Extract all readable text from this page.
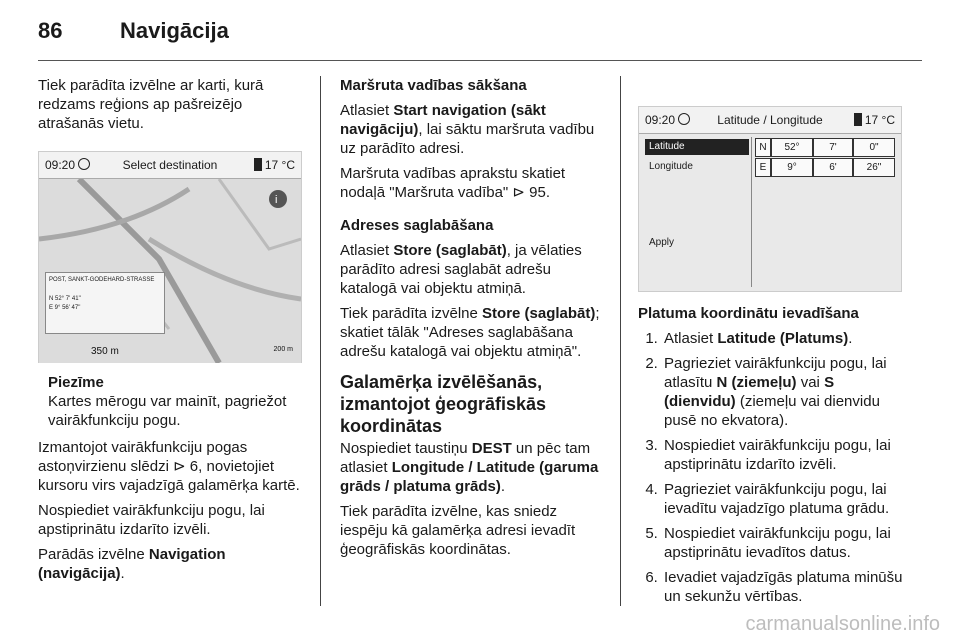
86	Navigācija

Tiek parādīta izvēlne ar karti, kurā redzams reģions ap pašreizējo atrašanās vietu.

09:20	Select destination	17 °C
i
POST, SANKT-GODEHARD-STRASSE
N 52° 7' 41"
E 9° 56' 47"
350 m	200 m
Piezīme
Kartes mērogu var mainīt, pagriežot vairākfunkciju pogu.

Izmantojot vairākfunkciju pogas astoņvirzienu slēdzi ⊳ 6, novietojiet kursoru virs vajadzīgā galamērķa kartē.

Nospiediet vairākfunkciju pogu, lai apstiprinātu izdarīto izvēli.

Parādās izvēlne Navigation (navigācija).

Maršruta vadības sākšana

Atlasiet Start navigation (sākt navigāciju), lai sāktu maršruta vadību uz parādīto adresi.

Maršruta vadības aprakstu skatiet nodaļā "Maršruta vadība" ⊳ 95.

Adreses saglabāšana

Atlasiet Store (saglabāt), ja vēlaties parādīto adresi saglabāt adrešu katalogā vai objektu atmiņā.

Tiek parādīta izvēlne Store (saglabāt); skatiet tālāk "Adreses saglabāšana adrešu katalogā vai objektu atmiņā".

Galamērķa izvēlēšanās, izmantojot ģeogrāfiskās koordinātas

Nospiediet taustiņu DEST un pēc tam atlasiet Longitude / Latitude (garuma grāds / platuma grāds).

Tiek parādīta izvēlne, kas sniedz iespēju kā galamērķa adresi ievadīt ģeogrāfiskās koordinātas.

09:20	Latitude / Longitude	17 °C
Latitude
Longitude
Apply
N	52°	7'	0"
E	9°	6'	26"

Platuma koordinātu ievadīšana

1. Atlasiet Latitude (Platums).
2. Pagrieziet vairākfunkciju pogu, lai atlasītu N (ziemeļu) vai S (dienvidu) (ziemeļu vai dienvidu pusē no ekvatora).
3. Nospiediet vairākfunkciju pogu, lai apstiprinātu izdarīto izvēli.
4. Pagrieziet vairākfunkciju pogu, lai ievadītu vajadzīgo platuma grādu.
5. Nospiediet vairākfunkciju pogu, lai apstiprinātu ievadītos datus.
6. Ievadiet vajadzīgās platuma minūšu un sekunžu vērtības.
carmanualsonline.info
